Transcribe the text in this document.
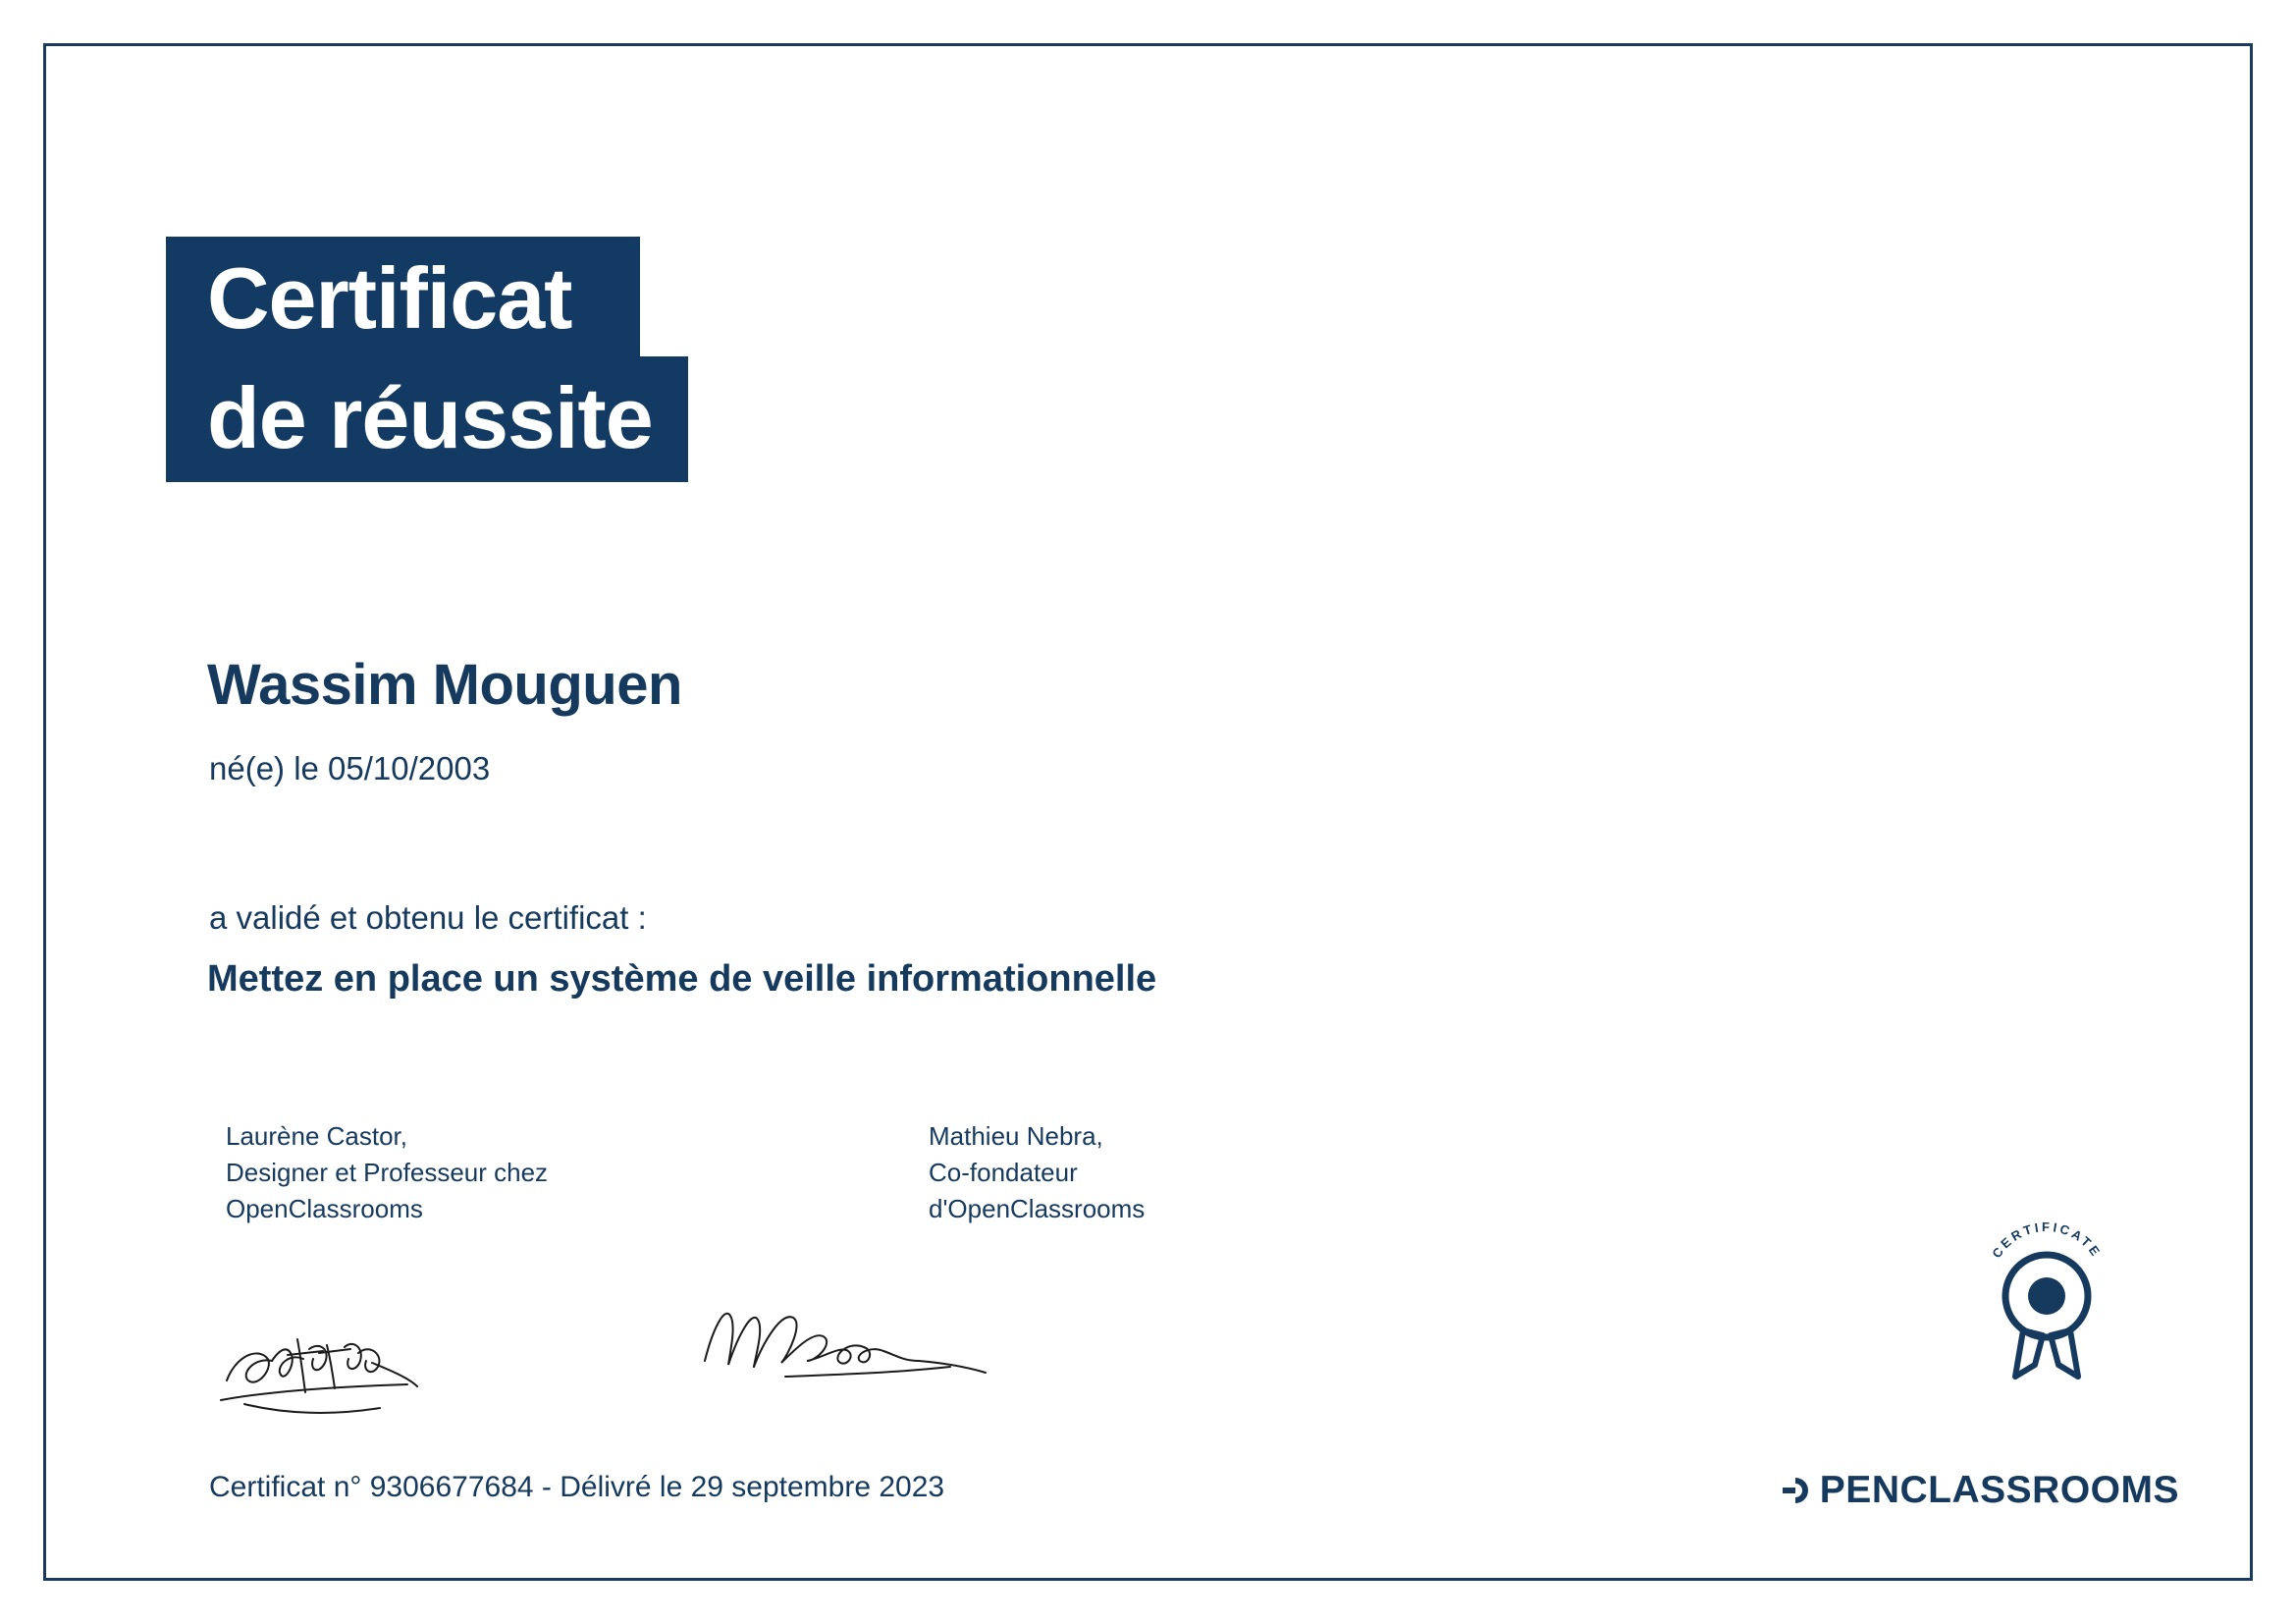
Certificat de réussite
Wassim Mouguen
né(e) le 05/10/2003
a validé et obtenu le certificat :
Mettez en place un système de veille informationnelle
Laurène Castor,
Designer et Professeur chez
OpenClassrooms
Mathieu Nebra,
Co-fondateur
d'OpenClassrooms
Certificat n° 9306677684 - Délivré le 29 septembre 2023
CERTIFICATE
PENCLASSROOMS
